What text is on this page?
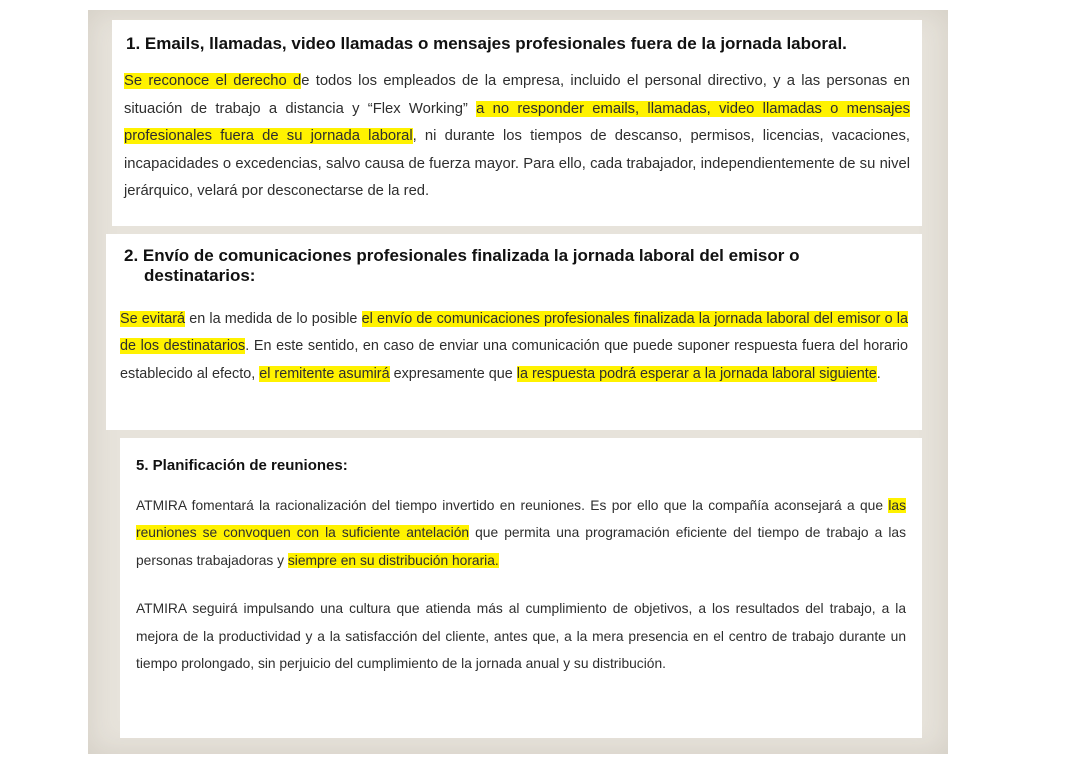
1. Emails, llamadas, video llamadas o mensajes profesionales fuera de la jornada laboral.

Se reconoce el derecho de todos los empleados de la empresa, incluido el personal directivo, y a las personas en situación de trabajo a distancia y “Flex Working” a no responder emails, llamadas, video llamadas o mensajes profesionales fuera de su jornada laboral, ni durante los tiempos de descanso, permisos, licencias, vacaciones, incapacidades o excedencias, salvo causa de fuerza mayor. Para ello, cada trabajador, independientemente de su nivel jerárquico, velará por desconectarse de la red.

2. Envío de comunicaciones profesionales finalizada la jornada laboral del emisor o
destinatarios:

Se evitará en la medida de lo posible el envío de comunicaciones profesionales finalizada la jornada laboral del emisor o la de los destinatarios. En este sentido, en caso de enviar una comunicación que puede suponer respuesta fuera del horario establecido al efecto, el remitente asumirá expresamente que la respuesta podrá esperar a la jornada laboral siguiente.

5. Planificación de reuniones:

ATMIRA fomentará la racionalización del tiempo invertido en reuniones. Es por ello que la compañía aconsejará a que las reuniones se convoquen con la suficiente antelación que permita una programación eficiente del tiempo de trabajo a las personas trabajadoras y siempre en su distribución horaria.

ATMIRA seguirá impulsando una cultura que atienda más al cumplimiento de objetivos, a los resultados del trabajo, a la mejora de la productividad y a la satisfacción del cliente, antes que, a la mera presencia en el centro de trabajo durante un tiempo prolongado, sin perjuicio del cumplimiento de la jornada anual y su distribución.
